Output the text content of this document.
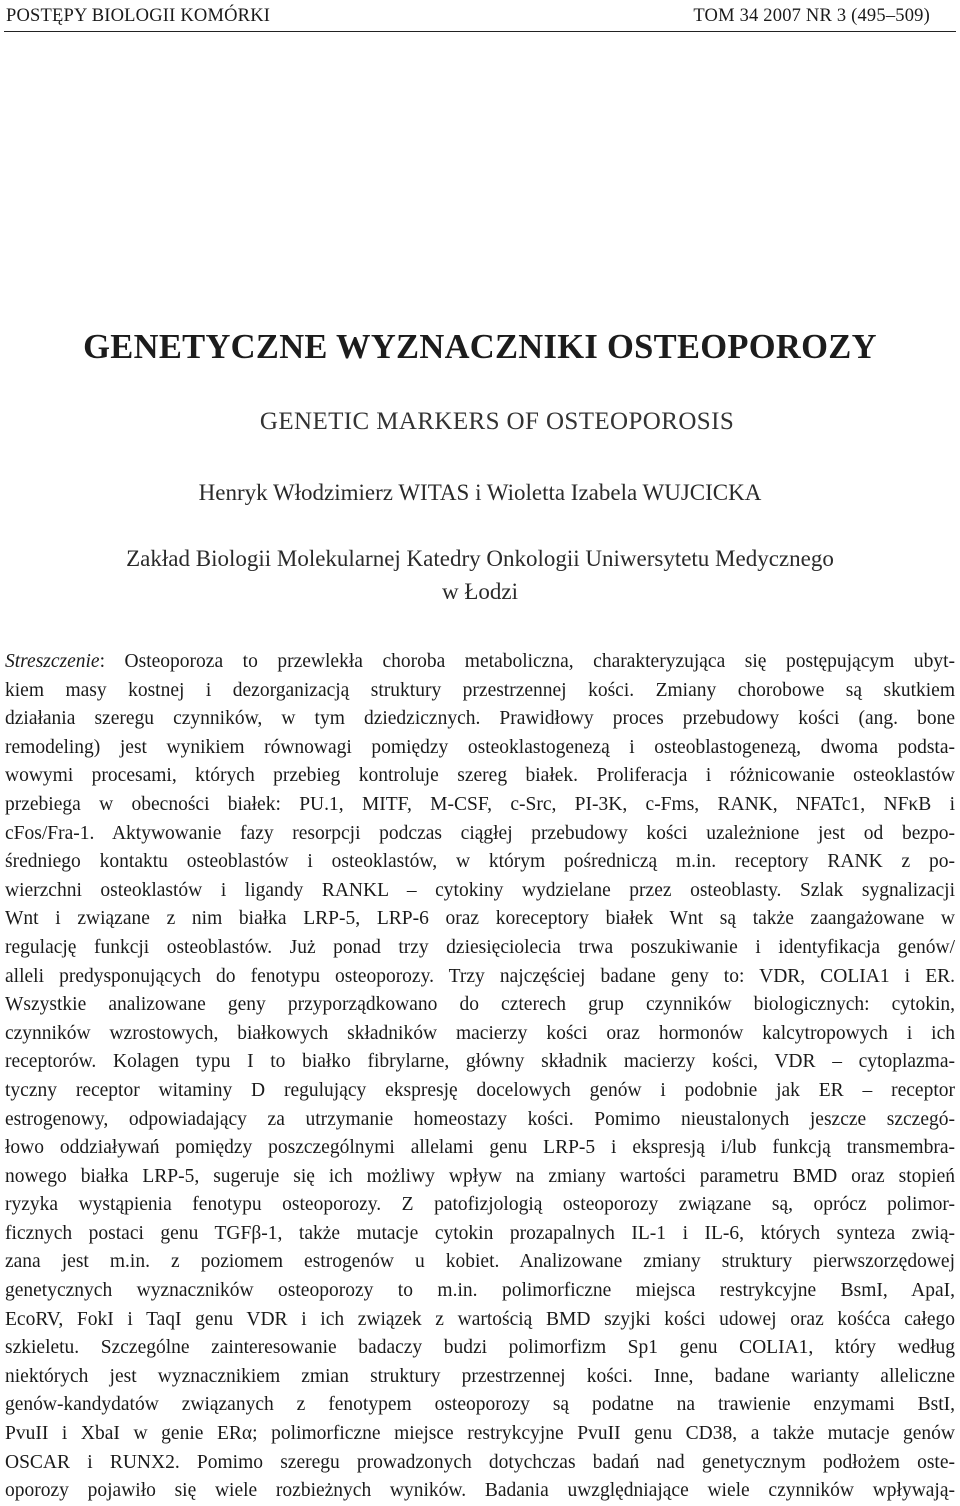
POSTĘPY BIOLOGII KOMÓRKI	TOM 34 2007 NR 3 (495–509)
GENETYCZNE WYZNACZNIKI OSTEOPOROZY
GENETIC MARKERS OF OSTEOPOROSIS
Henryk Włodzimierz WITAS i Wioletta Izabela WUJCICKA
Zakład Biologii Molekularnej Katedry Onkologii Uniwersytetu Medycznego
w Łodzi
Streszczenie: Osteoporoza to przewlekła choroba metaboliczna, charakteryzująca się postępującym ubyt-
kiem masy kostnej i dezorganizacją struktury przestrzennej kości. Zmiany chorobowe są skutkiem
działania szeregu czynników, w tym dziedzicznych. Prawidłowy proces przebudowy kości (ang. bone
remodeling) jest wynikiem równowagi pomiędzy osteoklastogenezą i osteoblastogenezą, dwoma podsta-
wowymi procesami, których przebieg kontroluje szereg białek. Proliferacja i różnicowanie osteoklastów
przebiega w obecności białek: PU.1, MITF, M-CSF, c-Src, PI-3K, c-Fms, RANK, NFATc1, NFκB i
cFos/Fra-1. Aktywowanie fazy resorpcji podczas ciągłej przebudowy kości uzależnione jest od bezpo-
średniego kontaktu osteoblastów i osteoklastów, w którym pośredniczą m.in. receptory RANK z po-
wierzchni osteoklastów i ligandy RANKL – cytokiny wydzielane przez osteoblasty. Szlak sygnalizacji
Wnt i związane z nim białka LRP-5, LRP-6 oraz koreceptory białek Wnt są także zaangażowane w
regulację funkcji osteoblastów. Już ponad trzy dziesięciolecia trwa poszukiwanie i identyfikacja genów/
alleli predysponujących do fenotypu osteoporozy. Trzy najczęściej badane geny to: VDR, COLIA1 i ER.
Wszystkie analizowane geny przyporządkowano do czterech grup czynników biologicznych: cytokin,
czynników wzrostowych, białkowych składników macierzy kości oraz hormonów kalcytropowych i ich
receptorów. Kolagen typu I to białko fibrylarne, główny składnik macierzy kości, VDR – cytoplazma-
tyczny receptor witaminy D regulujący ekspresję docelowych genów i podobnie jak ER – receptor
estrogenowy, odpowiadający za utrzymanie homeostazy kości. Pomimo nieustalonych jeszcze szczegó-
łowo oddziaływań pomiędzy poszczególnymi allelami genu LRP-5 i ekspresją i/lub funkcją transmembra-
nowego białka LRP-5, sugeruje się ich możliwy wpływ na zmiany wartości parametru BMD oraz stopień
ryzyka wystąpienia fenotypu osteoporozy. Z patofizjologią osteoporozy związane są, oprócz polimor-
ficznych postaci genu TGFβ-1, także mutacje cytokin prozapalnych IL-1 i IL-6, których synteza zwią-
zana jest m.in. z poziomem estrogenów u kobiet. Analizowane zmiany struktury pierwszorzędowej
genetycznych wyznaczników osteoporozy to m.in. polimorficzne miejsca restrykcyjne BsmI, ApaI,
EcoRV, FokI i TaqI genu VDR i ich związek z wartością BMD szyjki kości udowej oraz kośćca całego
szkieletu. Szczególne zainteresowanie badaczy budzi polimorfizm Sp1 genu COLIA1, który według
niektórych jest wyznacznikiem zmian struktury przestrzennej kości. Inne, badane warianty alleliczne
genów-kandydatów związanych z fenotypem osteoporozy są podatne na trawienie enzymami BstI,
PvuII i XbaI w genie ERα; polimorficzne miejsce restrykcyjne PvuII genu CD38, a także mutacje genów
OSCAR i RUNX2. Pomimo szeregu prowadzonych dotychczas badań nad genetycznym podłożem oste-
oporozy pojawiło się wiele rozbieżnych wyników. Badania uwzględniające wiele czynników wpływają-
